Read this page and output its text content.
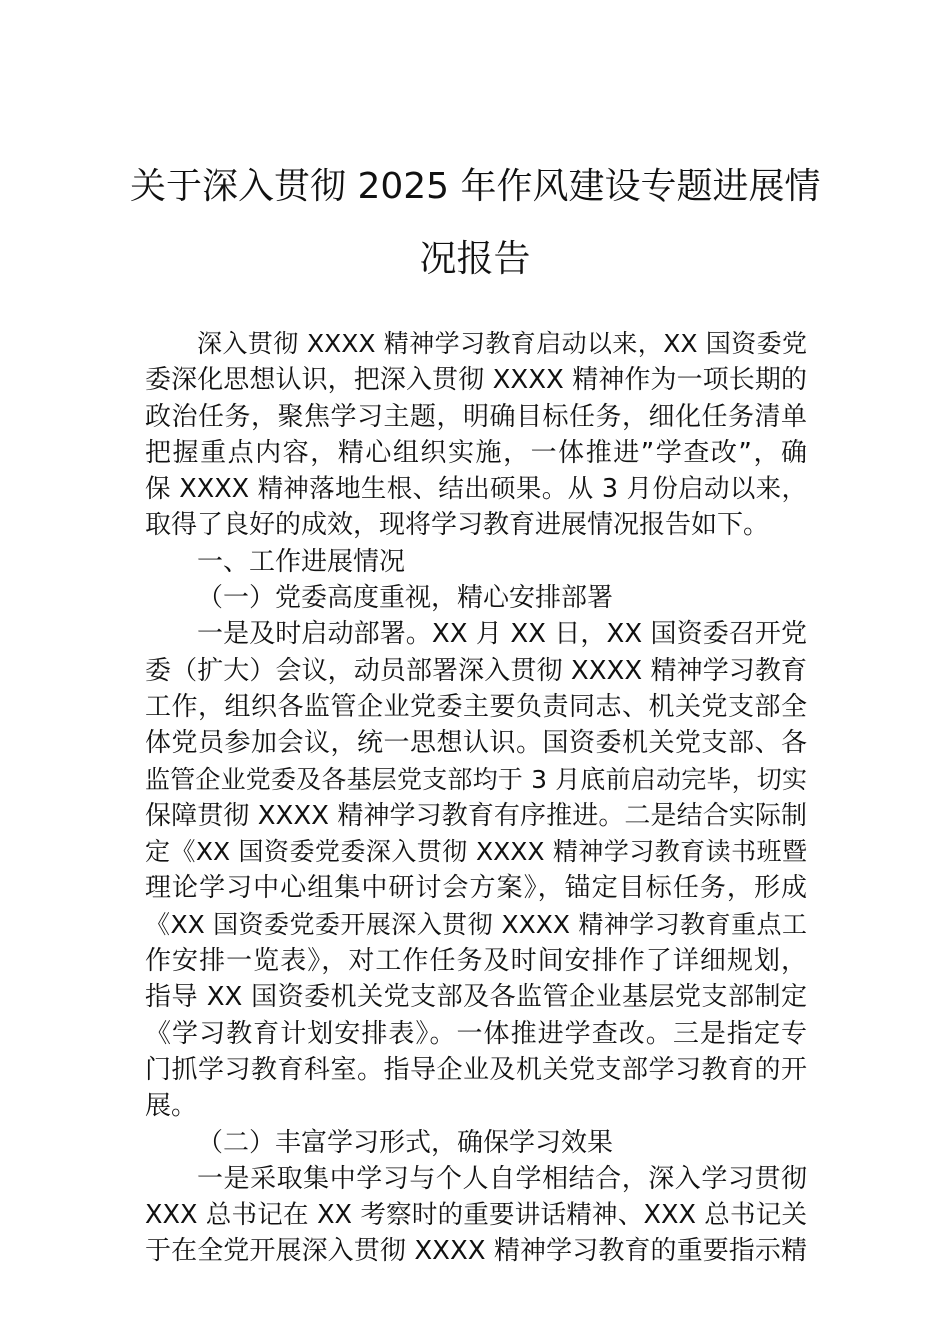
关于深入贯彻 2025 年作风建设专题进展情
况报告
深入贯彻 XXXX 精神学习教育启动以来，XX 国资委党
委深化思想认识，把深入贯彻 XXXX 精神作为一项长期的
政治任务，聚焦学习主题，明确目标任务，细化任务清单
把握重点内容，精心组织实施，一体推进”学查改”，确
保 XXXX 精神落地生根、结出硕果。从 3 月份启动以来，
取得了良好的成效，现将学习教育进展情况报告如下。
一、工作进展情况
（一）党委高度重视，精心安排部署
一是及时启动部署。XX 月 XX 日，XX 国资委召开党
委（扩大）会议，动员部署深入贯彻 XXXX 精神学习教育
工作，组织各监管企业党委主要负责同志、机关党支部全
体党员参加会议，统一思想认识。国资委机关党支部、各
监管企业党委及各基层党支部均于 3 月底前启动完毕，切实
保障贯彻 XXXX 精神学习教育有序推进。二是结合实际制
定《XX 国资委党委深入贯彻 XXXX 精神学习教育读书班暨
理论学习中心组集中研讨会方案》，锚定目标任务，形成
《XX 国资委党委开展深入贯彻 XXXX 精神学习教育重点工
作安排一览表》，对工作任务及时间安排作了详细规划，
指导 XX 国资委机关党支部及各监管企业基层党支部制定
《学习教育计划安排表》。一体推进学查改。三是指定专
门抓学习教育科室。指导企业及机关党支部学习教育的开
展。
（二）丰富学习形式，确保学习效果
一是采取集中学习与个人自学相结合，深入学习贯彻
XXX 总书记在 XX 考察时的重要讲话精神、XXX 总书记关
于在全党开展深入贯彻 XXXX 精神学习教育的重要指示精
